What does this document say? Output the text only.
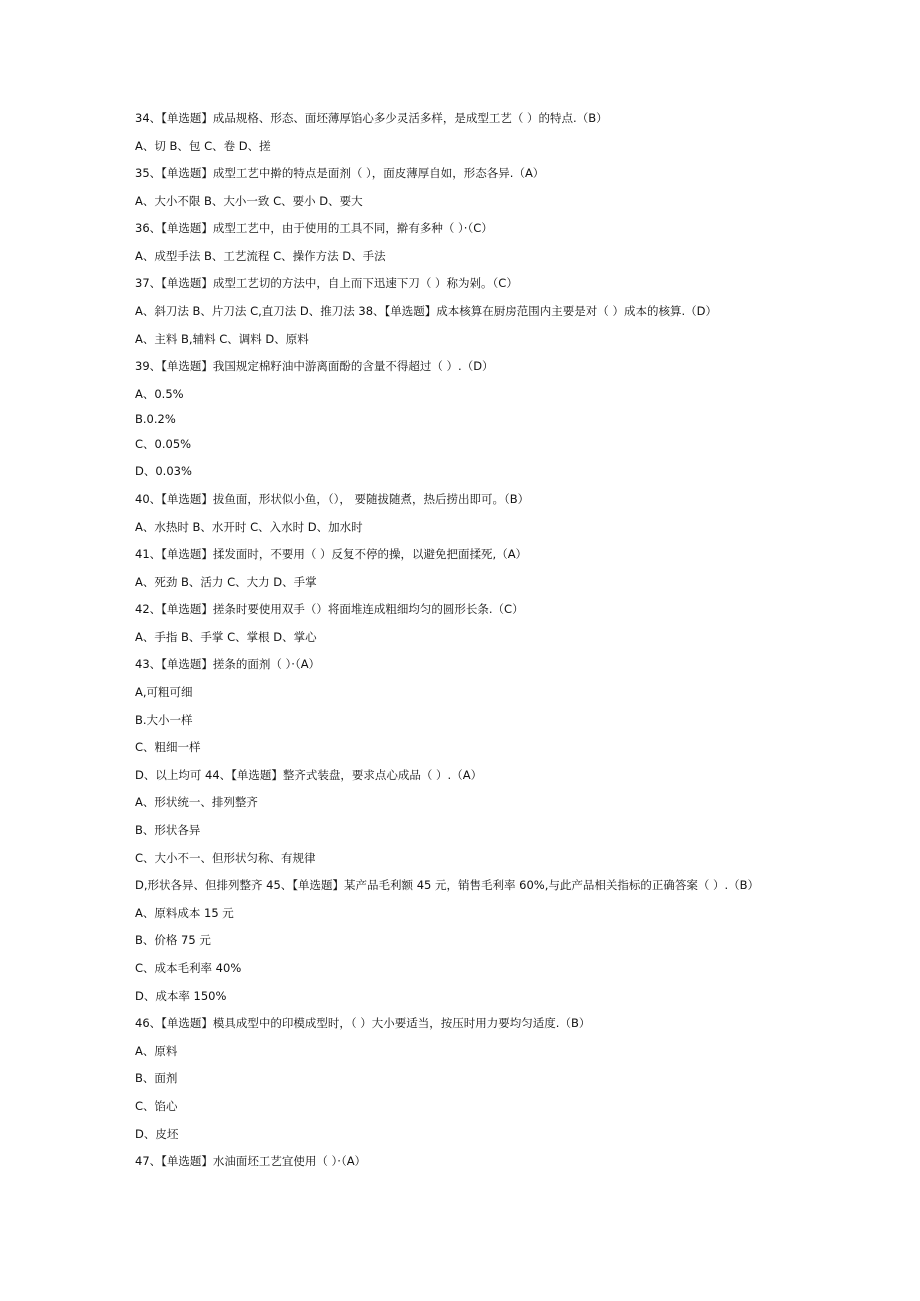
34、【单选题】成品规格、形态、面坯薄厚馅心多少灵活多样，是成型工艺（ ）的特点.（B）
A、切 B、包 C、卷 D、搓
35、【单选题】成型工艺中擀的特点是面剂（ ），面皮薄厚自如，形态各异.（A）
A、大小不限 B、大小一致 C、要小 D、要大
36、【单选题】成型工艺中，由于使用的工具不同，擀有多种（ ）·（C）
A、成型手法 B、工艺流程 C、操作方法 D、手法
37、【单选题】成型工艺切的方法中，自上而下迅速下刀（ ）称为剁。（C）
A、斜刀法 B、片刀法 C,直刀法 D、推刀法 38、【单选题】成本核算在厨房范围内主要是对（ ）成本的核算.（D）
A、主料 B,辅料 C、调料 D、原料
39、【单选题】我国规定棉籽油中游离面酚的含量不得超过（ ）.（D）
A、0.5%
B.0.2%
C、0.05%
D、0.03%
40、【单选题】拔鱼面，形状似小鱼，（）， 要随拔随煮，热后捞出即可。（B）
A、水热时 B、水开时 C、入水时 D、加水时
41、【单选题】揉发面时，不要用（ ）反复不停的操，以避免把面揉死,（A）
A、死劲 B、活力 C、大力 D、手掌
42、【单选题】搓条时要使用双手（）将面堆连成粗细均匀的圆形长条.（C）
A、手指 B、手掌 C、掌根 D、掌心
43、【单选题】搓条的面剂（ ）·（A）
A,可粗可细
B.大小一样
C、粗细一样
D、以上均可 44、【单选题】整齐式装盘，要求点心成品（ ）.（A）
A、形状统一、排列整齐
B、形状各异
C、大小不一、但形状匀称、有规律
D,形状各异、但排列整齐 45、【单选题】某产品毛利额 45 元，销售毛利率 60%,与此产品相关指标的正确答案（ ）.（B）
A、原料成本 15 元
B、价格 75 元
C、成本毛利率 40%
D、成本率 150%
46、【单选题】模具成型中的印模成型时，（ ）大小要适当，按压时用力要均匀适度.（B）
A、原料
B、面剂
C、馅心
D、皮坯
47、【单选题】水油面坯工艺宜使用（ ）·（A）
